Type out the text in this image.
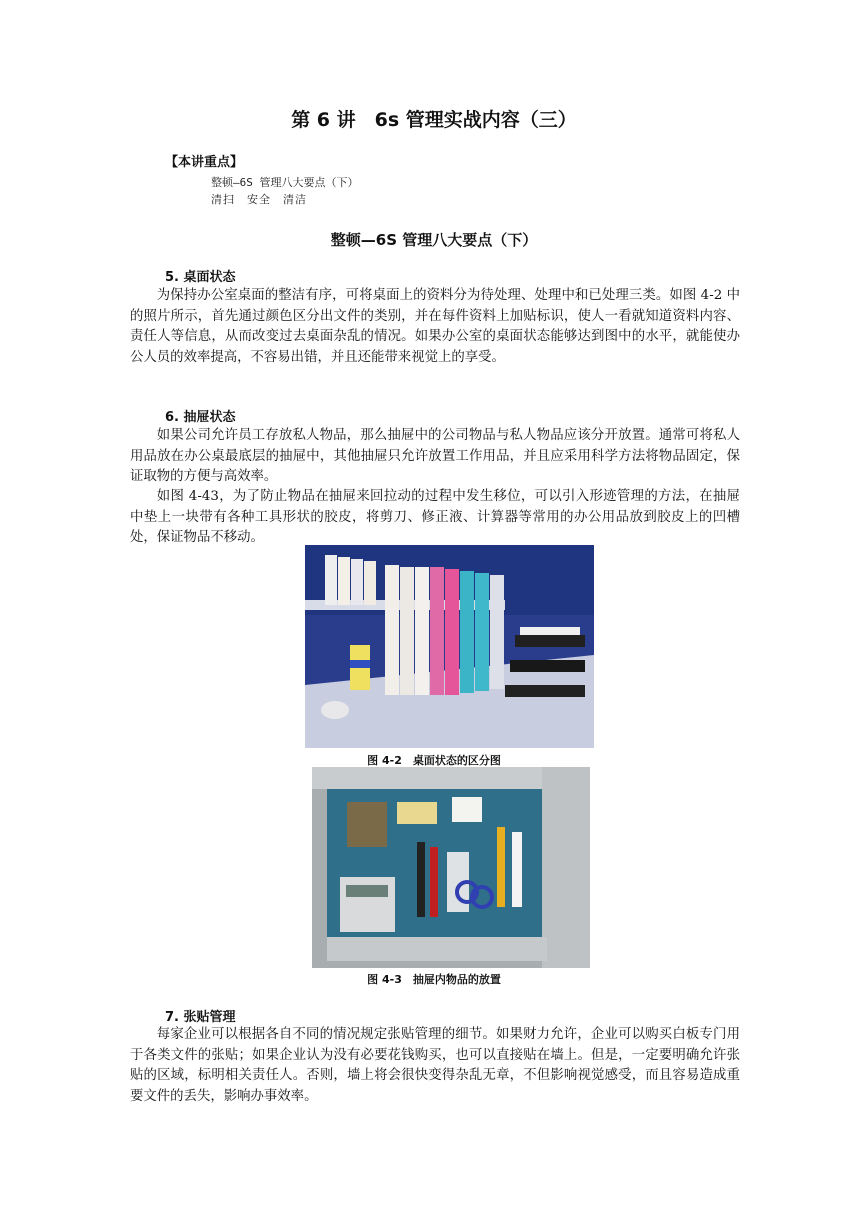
第 6 讲　6s 管理实战内容（三）
【本讲重点】
整顿—6S 管理八大要点（下）
清扫　安全　清洁
整顿—6S 管理八大要点（下）
5. 桌面状态

为保持办公室桌面的整洁有序，可将桌面上的资料分为待处理、处理中和已处理三类。如图 4-2 中的照片所示，首先通过颜色区分出文件的类别，并在每件资料上加贴标识，使人一看就知道资料内容、责任人等信息，从而改变过去桌面杂乱的情况。如果办公室的桌面状态能够达到图中的水平，就能使办公人员的效率提高，不容易出错，并且还能带来视觉上的享受。

6. 抽屉状态

如果公司允许员工存放私人物品，那么抽屉中的公司物品与私人物品应该分开放置。通常可将私人用品放在办公桌最底层的抽屉中，其他抽屉只允许放置工作用品，并且应采用科学方法将物品固定，保证取物的方便与高效率。

如图 4-43，为了防止物品在抽屉来回拉动的过程中发生移位，可以引入形迹管理的方法，在抽屉中垫上一块带有各种工具形状的胶皮，将剪刀、修正液、计算器等常用的办公用品放到胶皮上的凹槽处，保证物品不移动。

图 4-2　桌面状态的区分图
图 4-3　抽屉内物品的放置
7. 张贴管理

每家企业可以根据各自不同的情况规定张贴管理的细节。如果财力允许，企业可以购买白板专门用于各类文件的张贴；如果企业认为没有必要花钱购买，也可以直接贴在墙上。但是，一定要明确允许张贴的区域，标明相关责任人。否则，墙上将会很快变得杂乱无章，不但影响视觉感受，而且容易造成重要文件的丢失，影响办事效率。
